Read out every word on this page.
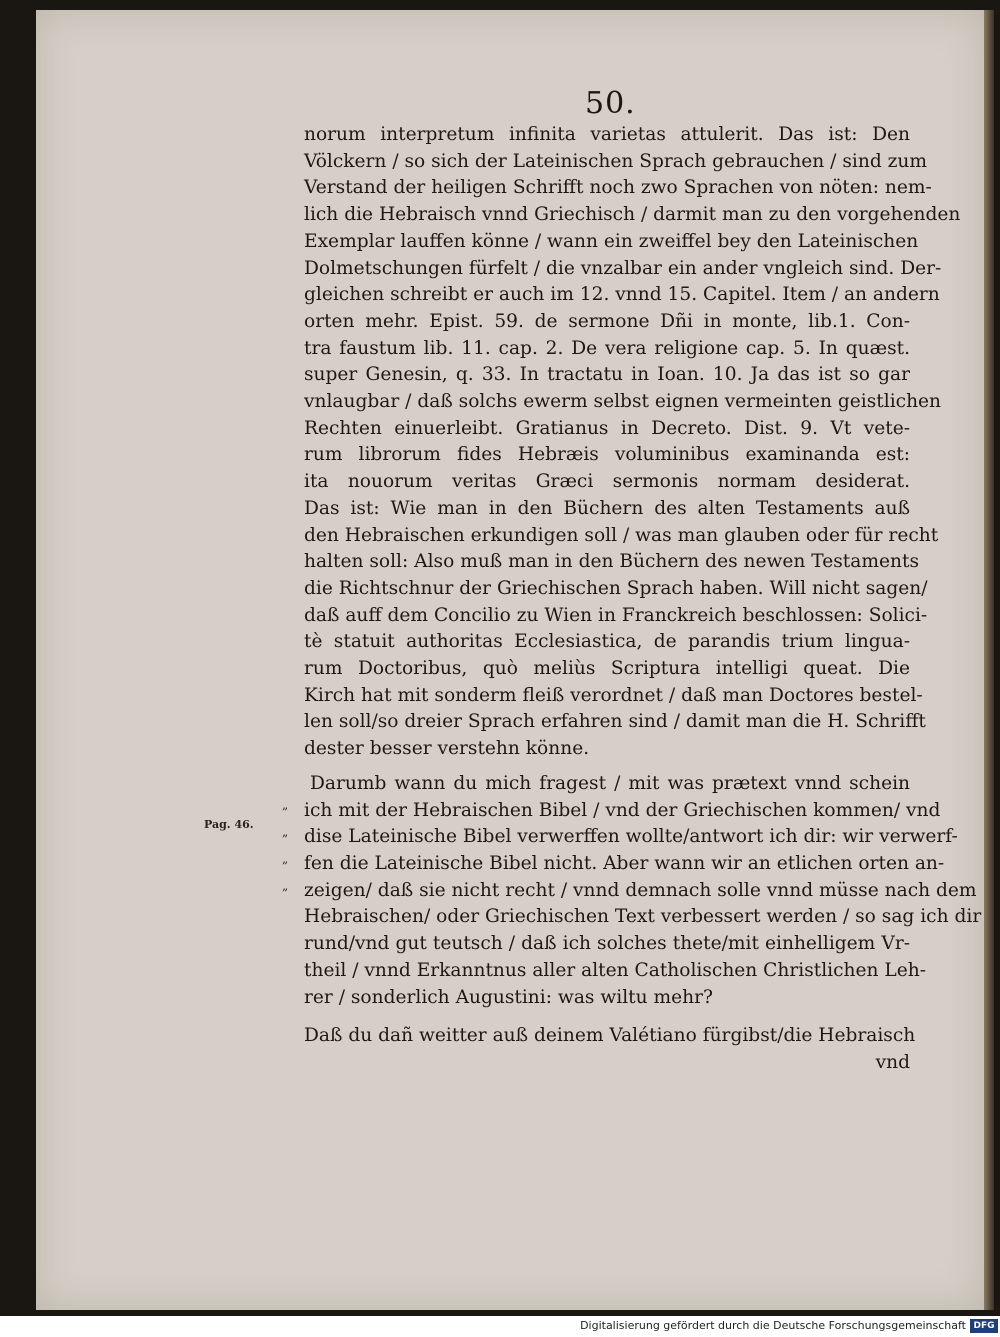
50.
Pag. 46.
„
„
„
„
norum interpretum infinita varietas attulerit. Das ist: Den
Völckern / so sich der Lateinischen Sprach gebrauchen / sind zum
Verstand der heiligen Schrifft noch zwo Sprachen von nöten: nem-
lich die Hebraisch vnnd Griechisch / darmit man zu den vorgehenden
Exemplar lauffen könne / wann ein zweiffel bey den Lateinischen
Dolmetschungen fürfelt / die vnzalbar ein ander vngleich sind. Der-
gleichen schreibt er auch im 12. vnnd 15. Capitel. Item / an andern
orten mehr. Epist. 59. de sermone Dñi in monte, lib.1. Con-
tra faustum lib. 11. cap. 2. De vera religione cap. 5. In quæst.
super Genesin, q. 33. In tractatu in Ioan. 10. Ja das ist so gar
vnlaugbar / daß solchs ewerm selbst eignen vermeinten geistlichen
Rechten einuerleibt. Gratianus in Decreto. Dist. 9. Vt vete-
rum librorum fides Hebræis voluminibus examinanda est:
ita nouorum veritas Græci sermonis normam desiderat.
Das ist: Wie man in den Büchern des alten Testaments auß
den Hebraischen erkundigen soll / was man glauben oder für recht
halten soll: Also muß man in den Büchern des newen Testaments
die Richtschnur der Griechischen Sprach haben. Will nicht sagen/
daß auff dem Concilio zu Wien in Franckreich beschlossen: Solici-
tè statuit authoritas Ecclesiastica, de parandis trium lingua-
rum Doctoribus, quò meliùs Scriptura intelligi queat. Die
Kirch hat mit sonderm fleiß verordnet / daß man Doctores bestel-
len soll/so dreier Sprach erfahren sind / damit man die H. Schrifft
dester besser verstehn könne.
Darumb wann du mich fragest / mit was prætext vnnd schein
ich mit der Hebraischen Bibel / vnd der Griechischen kommen/ vnd
dise Lateinische Bibel verwerffen wollte/antwort ich dir: wir verwerf-
fen die Lateinische Bibel nicht. Aber wann wir an etlichen orten an-
zeigen/ daß sie nicht recht / vnnd demnach solle vnnd müsse nach dem
Hebraischen/ oder Griechischen Text verbessert werden / so sag ich dir
rund/vnd gut teutsch / daß ich solches thete/mit einhelligem Vr-
theil / vnnd Erkanntnus aller alten Catholischen Christlichen Leh-
rer / sonderlich Augustini: was wiltu mehr?
Daß du dañ weitter auß deinem Valétiano fürgibst/die Hebraisch
vnd
Digitalisierung gefördert durch die Deutsche Forschungsgemeinschaft DFG
